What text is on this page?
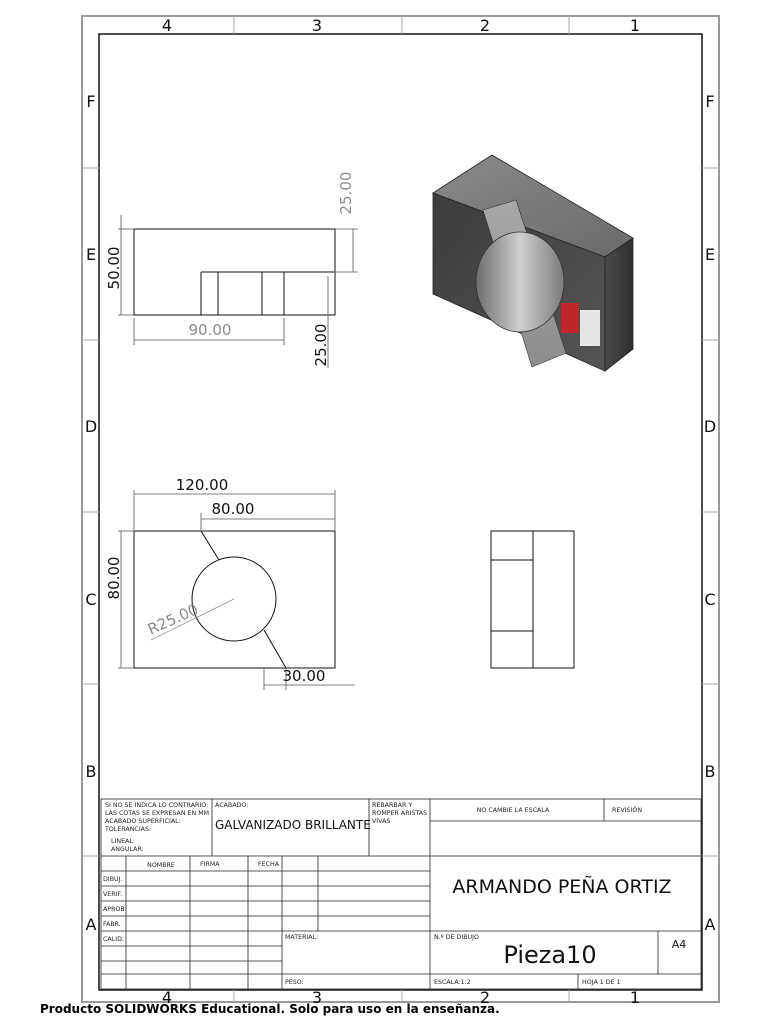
4	3	2	1
4	3	2	1
F
E
D
C
B
A
F
E
D
C
B
A
50.00
90.00
25.00
25.00
120.00
80.00
80.00
R25.00
30.00
SI NO SE INDICA LO CONTRARIO:
LAS COTAS SE EXPRESAN EN MM
ACABADO SUPERFICIAL:
TOLERANCIAS:
LINEAL:
ANGULAR:
ACABADO:
GALVANIZADO BRILLANTE
REBARBAR Y
ROMPER ARISTAS
VIVAS
NO CAMBIE LA ESCALA	REVISIÓN
NOMBRE	FIRMA	FECHA
DIBUJ.
VERIF.
APROB.
FABR.
CALID.
ARMANDO PEÑA ORTIZ
MATERIAL:	N.º DE DIBUJO
Pieza10	A4
PESO:	ESCALA:1:2	HOJA 1 DE 1
Producto SOLIDWORKS Educational. Solo para uso en la enseñanza.
